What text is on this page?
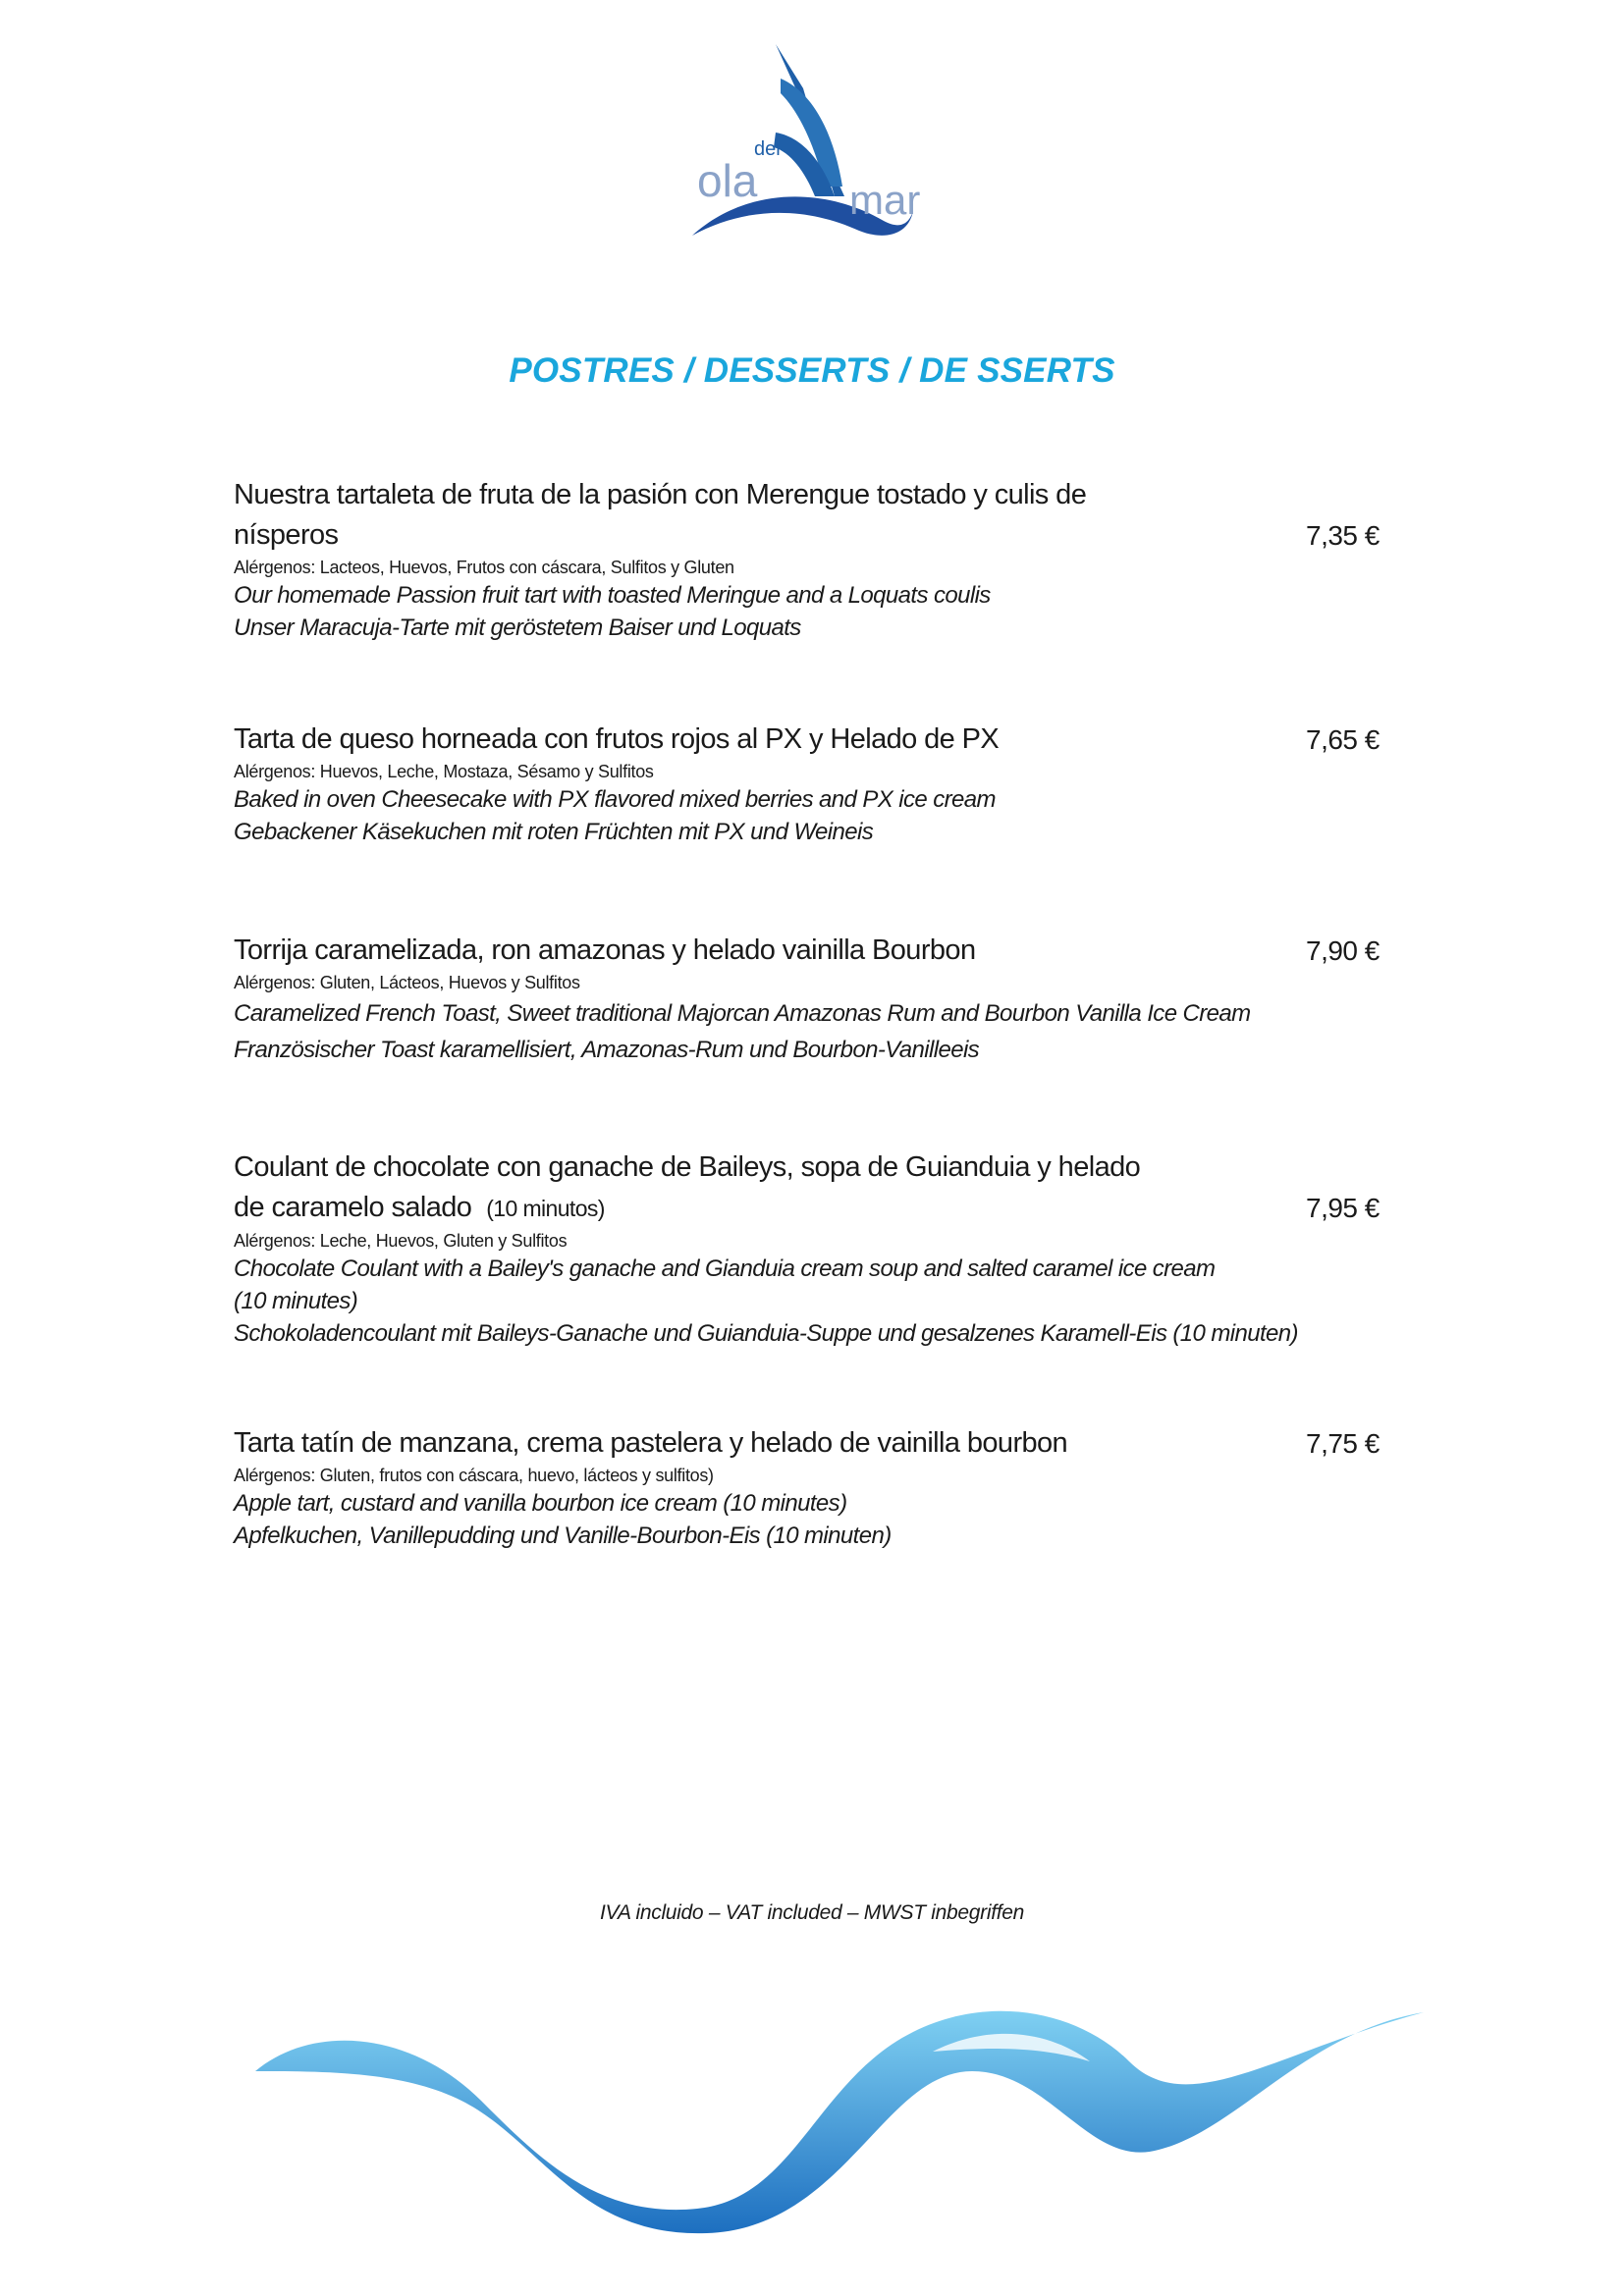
ola
del
mar
POSTRES / DESSERTS / DE SSERTS
Nuestra tartaleta de fruta de la pasión con Merengue tostado y culis de
nísperos
Alérgenos: Lacteos, Huevos, Frutos con cáscara, Sulfitos y Gluten
Our homemade Passion fruit tart with toasted Meringue and a Loquats coulis
Unser Maracuja-Tarte mit geröstetem Baiser und Loquats
7,35 €
Tarta de queso horneada con frutos rojos al PX y Helado de PX
Alérgenos: Huevos, Leche, Mostaza, Sésamo y Sulfitos
Baked in oven Cheesecake with PX flavored mixed berries and PX ice cream
Gebackener Käsekuchen mit roten Früchten mit PX und Weineis
7,65 €
Torrija caramelizada, ron amazonas y helado vainilla Bourbon
Alérgenos: Gluten, Lácteos, Huevos y Sulfitos
Caramelized French Toast, Sweet traditional Majorcan Amazonas Rum and Bourbon Vanilla Ice Cream
Französischer Toast karamellisiert, Amazonas-Rum und Bourbon-Vanilleeis
7,90 €
Coulant de chocolate con ganache de Baileys, sopa de Guianduia y helado
de caramelo salado (10 minutos)
Alérgenos: Leche, Huevos, Gluten y Sulfitos
Chocolate Coulant with a Bailey's ganache and Gianduia cream soup and salted caramel ice cream
(10 minutes)
Schokoladencoulant mit Baileys-Ganache und Guianduia-Suppe und gesalzenes Karamell-Eis (10 minuten)
7,95 €
Tarta tatín de manzana, crema pastelera y helado de vainilla bourbon
Alérgenos: Gluten, frutos con cáscara, huevo, lácteos y sulfitos)
Apple tart, custard and vanilla bourbon ice cream (10 minutes)
Apfelkuchen, Vanillepudding und Vanille-Bourbon-Eis (10 minuten)
7,75 €
IVA incluido – VAT included – MWST inbegriffen
